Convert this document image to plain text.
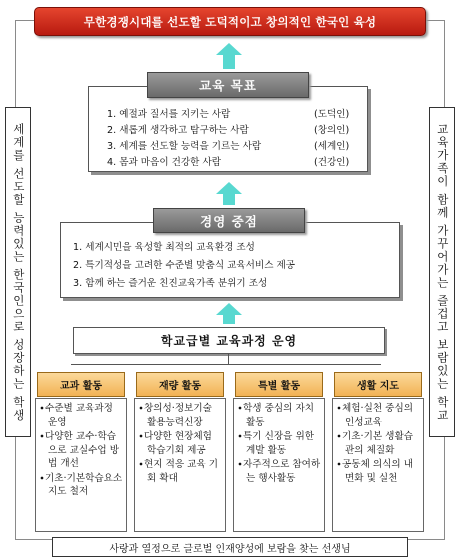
무한경쟁시대를 선도할 도덕적이고 창의적인 한국인 육성
세계를 선도할 능력있는 한국인으로 성장하는 학생	교육가족이 함께 가꾸어가는 즐겁고 보람있는 학교
교육 목표
1. 예절과 질서를 지키는 사람	(도덕인)
2. 새롭게 생각하고 탐구하는 사람	(창의인)
3. 세계를 선도할 능력을 기르는 사람	(세계인)
4. 몸과 마음이 건강한 사람	(건강인)
경영 중점
1. 세계시민을 육성할 최적의 교육환경 조성
2. 특기적성을 고려한 수준별 맞춤식 교육서비스 제공
3. 함께 하는 즐거운 친진교육가족 분위기 조성
학교급별 교육과정 운영
교과 활동
∙수준별 교육과정 운영
∙다양한 교수·학습으로 교실수업 방법 개선
∙기초·기본학습요소 지도 철저
재량 활동
∙창의성·정보기술 활용능력신장
∙다양한 현장체험 학습기회 제공
∙현지 적응 교육 기회 확대
특별 활동
∙학생 중심의 자치 활동
∙특기 신장을 위한 계발 활동
∙자주적으로 참여하는 행사활동
생활 지도
∙체험·실천 중심의 인성교육
∙기초·기본 생활습관의 체질화
∙공동체 의식의 내면화 및 실천
사랑과 열정으로 글로벌 인재양성에 보람을 찾는 선생님
